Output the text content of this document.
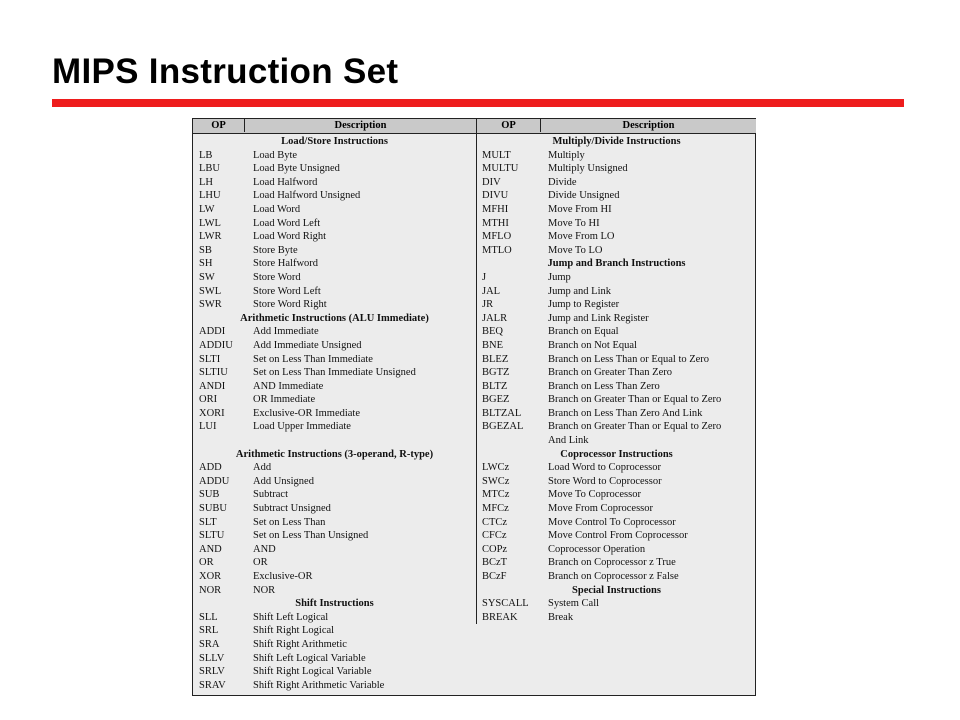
MIPS Instruction Set
OP	Description
Load/Store Instructions
LB	Load Byte
LBU	Load Byte Unsigned
LH	Load Halfword
LHU	Load Halfword Unsigned
LW	Load Word
LWL	Load Word Left
LWR	Load Word Right
SB	Store Byte
SH	Store Halfword
SW	Store Word
SWL	Store Word Left
SWR	Store Word Right
Arithmetic Instructions (ALU Immediate)
ADDI	Add Immediate
ADDIU Add Immediate Unsigned
SLTI	Set on Less Than Immediate
SLTIU Set on Less Than Immediate Unsigned
ANDI	AND Immediate
ORI	OR Immediate
XORI	Exclusive-OR Immediate
LUI	Load Upper Immediate
Arithmetic Instructions (3-operand, R-type)
ADD	Add
ADDU Add Unsigned
SUB	Subtract
SUBU Subtract Unsigned
SLT	Set on Less Than
SLTU	Set on Less Than Unsigned
AND	AND
OR	OR
XOR	Exclusive-OR
NOR	NOR
Shift Instructions
SLL	Shift Left Logical
SRL	Shift Right Logical
SRA	Shift Right Arithmetic
SLLV	Shift Left Logical Variable
SRLV	Shift Right Logical Variable
SRAV	Shift Right Arithmetic Variable
OP	Description
Multiply/Divide Instructions
MULT	Multiply
MULTU	Multiply Unsigned
DIV	Divide
DIVU	Divide Unsigned
MFHI	Move From HI
MTHI	Move To HI
MFLO	Move From LO
MTLO	Move To LO
Jump and Branch Instructions
J	Jump
JAL	Jump and Link
JR	Jump to Register
JALR	Jump and Link Register
BEQ	Branch on Equal
BNE	Branch on Not Equal
BLEZ	Branch on Less Than or Equal to Zero
BGTZ	Branch on Greater Than Zero
BLTZ	Branch on Less Than Zero
BGEZ	Branch on Greater Than or Equal to Zero
BLTZAL	Branch on Less Than Zero And Link
BGEZAL Branch on Greater Than or Equal to Zero
And Link
Coprocessor Instructions
LWCz	Load Word to Coprocessor
SWCz	Store Word to Coprocessor
MTCz	Move To Coprocessor
MFCz	Move From Coprocessor
CTCz	Move Control To Coprocessor
CFCz	Move Control From Coprocessor
COPz	Coprocessor Operation
BCzT	Branch on Coprocessor z True
BCzF	Branch on Coprocessor z False
Special Instructions
SYSCALL System Call
BREAK	Break
